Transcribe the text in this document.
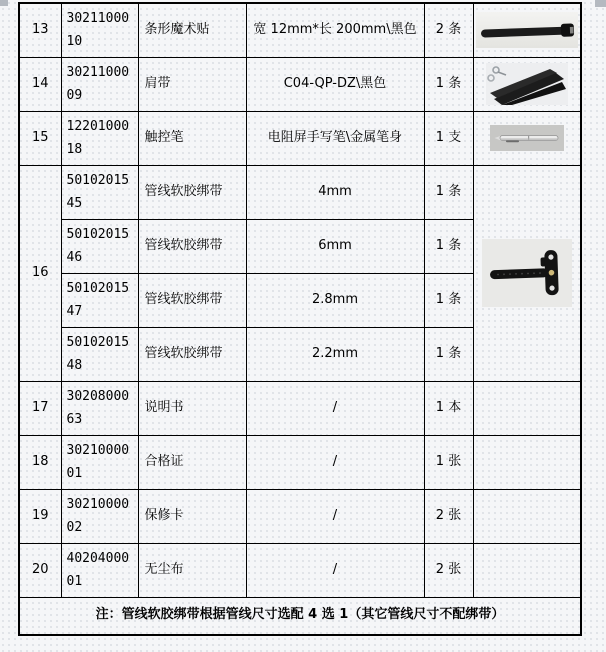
13	3021100010	条形魔术贴	宽 12mm*长 200mm\黑色	2 条	

14	3021100009	肩带	C04-QP-DZ\黑色	1 条	

15	1220100018	触控笔	电阻屏手写笔\金属笔身	1 支	

16	5010201545	管线软胶绑带	4mm	1 条	

	5010201546	管线软胶绑带	6mm	1 条	
	5010201547	管线软胶绑带	2.8mm	1 条	
	5010201548	管线软胶绑带	2.2mm	1 条	
17	3020800063	说明书	/	1 本	
18	3021000001	合格证	/	1 张	
19	3021000002	保修卡	/	2 张	
20	4020400001	无尘布	/	2 张	
注：管线软胶绑带根据管线尺寸选配 4 选 1（其它管线尺寸不配绑带）					
